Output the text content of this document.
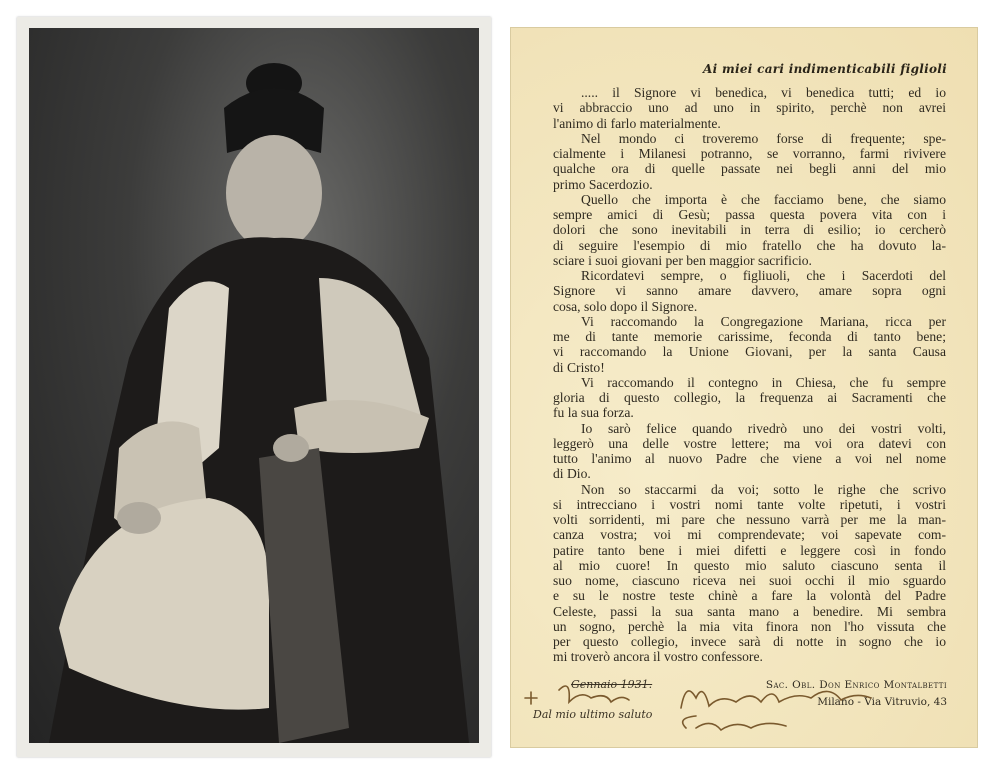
Ai miei cari indimenticabili figlioli
..... il Signore vi benedica, vi benedica tutti; ed io
vi abbraccio uno ad uno in spirito, perchè non avrei
l'animo di farlo materialmente.
Nel mondo ci troveremo forse di frequente; spe-
cialmente i Milanesi potranno, se vorranno, farmi rivivere
qualche ora di quelle passate nei begli anni del mio
primo Sacerdozio.
Quello che importa è che facciamo bene, che siamo
sempre amici di Gesù; passa questa povera vita con i
dolori che sono inevitabili in terra di esilio; io cercherò
di seguire l'esempio di mio fratello che ha dovuto la-
sciare i suoi giovani per ben maggior sacrificio.
Ricordatevi sempre, o figliuoli, che i Sacerdoti del
Signore vi sanno amare davvero, amare sopra ogni
cosa, solo dopo il Signore.
Vi raccomando la Congregazione Mariana, ricca per
me di tante memorie carissime, feconda di tanto bene;
vi raccomando la Unione Giovani, per la santa Causa
di Cristo!
Vi raccomando il contegno in Chiesa, che fu sempre
gloria di questo collegio, la frequenza ai Sacramenti che
fu la sua forza.
Io sarò felice quando rivedrò uno dei vostri volti,
leggerò una delle vostre lettere; ma voi ora datevi con
tutto l'animo al nuovo Padre che viene a voi nel nome
di Dio.
Non so staccarmi da voi; sotto le righe che scrivo
si intrecciano i vostri nomi tante volte ripetuti, i vostri
volti sorridenti, mi pare che nessuno varrà per me la man-
canza vostra; voi mi comprendevate; voi sapevate com-
patire tanto bene i miei difetti e leggere così in fondo
al mio cuore! In questo mio saluto ciascuno senta il
suo nome, ciascuno riceva nei suoi occhi il mio sguardo
e su le nostre teste chinè a fare la volontà del Padre
Celeste, passi la sua santa mano a benedire. Mi sembra
un sogno, perchè la mia vita finora non l'ho vissuta che
per questo collegio, invece sarà di notte in sogno che io
mi troverò ancora il vostro confessore.
Gennaio 1931.
Dal mio ultimo saluto
Sac. Obl. Don Enrico Montalbetti
Milano - Via Vitruvio, 43
